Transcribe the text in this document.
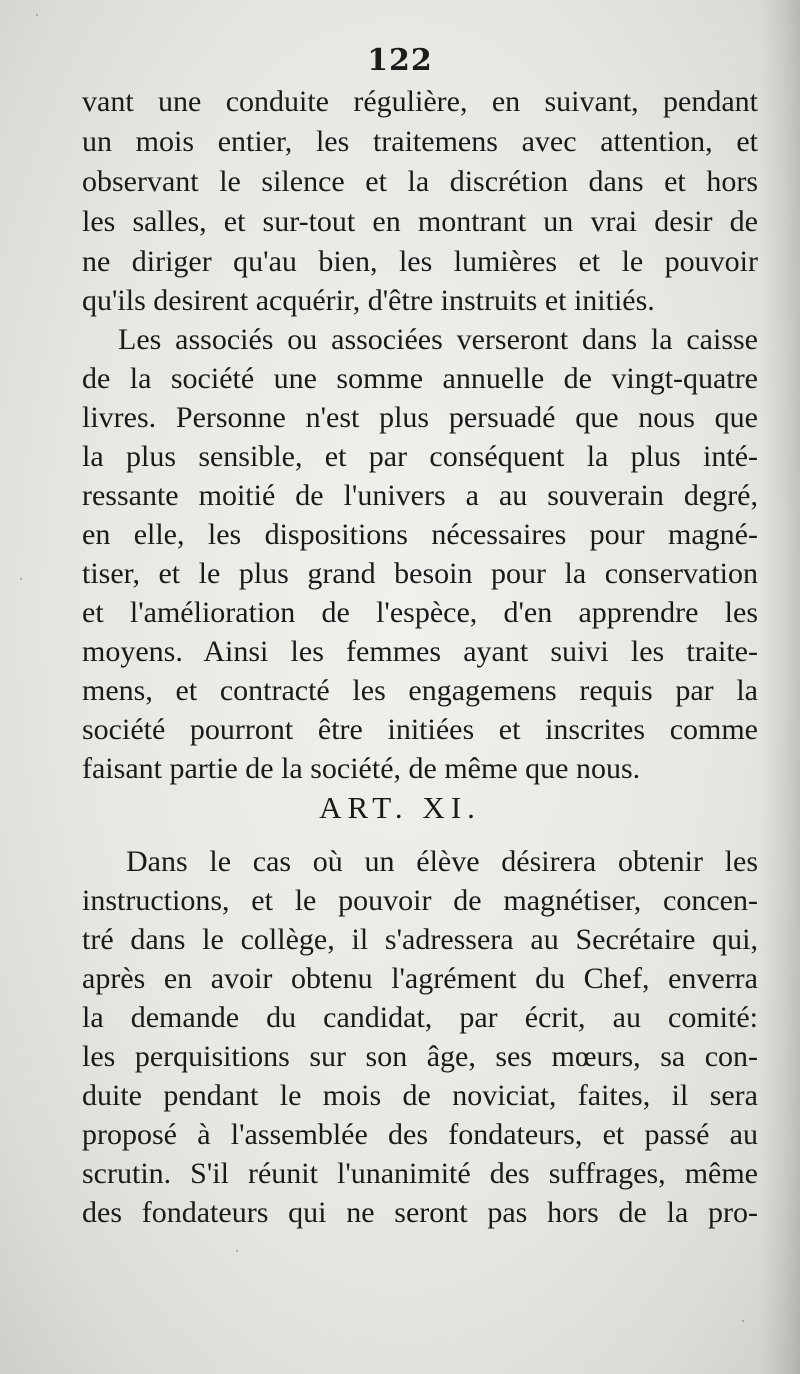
122

vant une conduite régulière, en suivant, pendant

un mois entier, les traitemens avec attention, et

observant le silence et la discrétion dans et hors

les salles, et sur-tout en montrant un vrai desir de

ne diriger qu'au bien, les lumières et le pouvoir

qu'ils desirent acquérir, d'être instruits et initiés.

Les associés ou associées verseront dans la caisse

de la société une somme annuelle de vingt-quatre

livres. Personne n'est plus persuadé que nous que

la plus sensible, et par conséquent la plus inté-

ressante moitié de l'univers a au souverain degré,

en elle, les dispositions nécessaires pour magné-

tiser, et le plus grand besoin pour la conservation

et l'amélioration de l'espèce, d'en apprendre les

moyens. Ainsi les femmes ayant suivi les traite-

mens, et contracté les engagemens requis par la

société pourront être initiées et inscrites comme

faisant partie de la société, de même que nous.

ART. XI.

Dans le cas où un élève désirera obtenir les

instructions, et le pouvoir de magnétiser, concen-

tré dans le collège, il s'adressera au Secrétaire qui,

après en avoir obtenu l'agrément du Chef, enverra

la demande du candidat, par écrit, au comité:

les perquisitions sur son âge, ses mœurs, sa con-

duite pendant le mois de noviciat, faites, il sera

proposé à l'assemblée des fondateurs, et passé au

scrutin. S'il réunit l'unanimité des suffrages, même

des fondateurs qui ne seront pas hors de la pro-
